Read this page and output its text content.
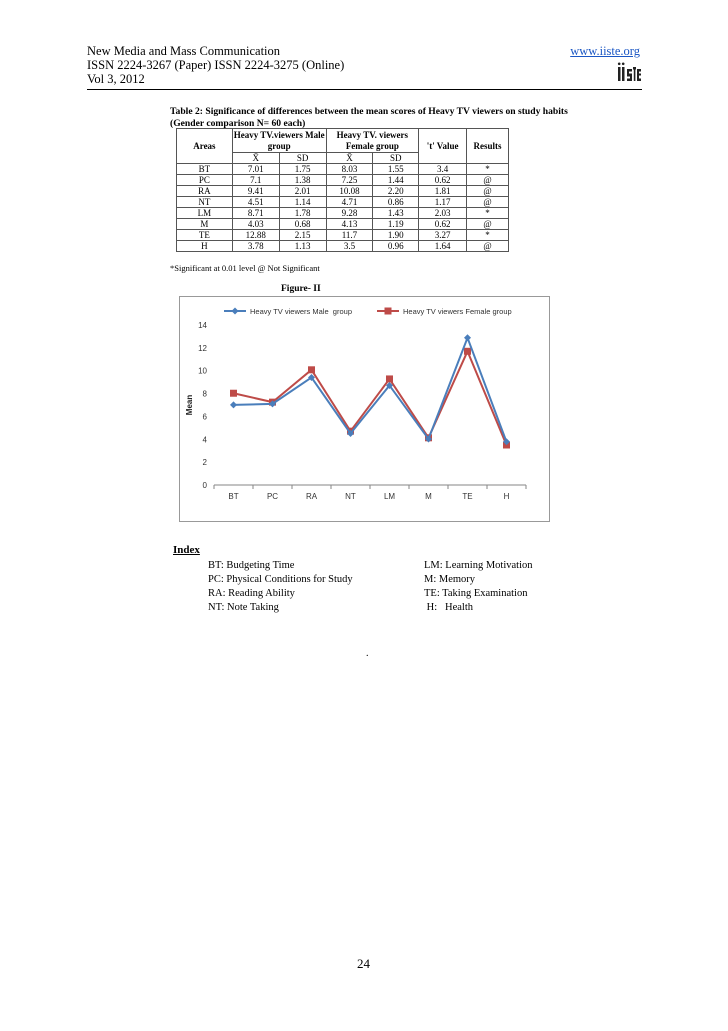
New Media and Mass Communication
ISSN 2224-3267 (Paper) ISSN 2224-3275 (Online)
Vol 3, 2012
www.iiste.org
Table 2: Significance of differences between the mean scores of Heavy TV viewers on study habits (Gender comparison N= 60 each)
Areas	Heavy TV.viewers Male group		Heavy TV. viewers Female group		't' Value	Results
	X̄	SD	X̄	SD		
BT	7.01	1.75	8.03	1.55	3.4	*
PC	7.1	1.38	7.25	1.44	0.62	@
RA	9.41	2.01	10.08	2.20	1.81	@
NT	4.51	1.14	4.71	0.86	1.17	@
LM	8.71	1.78	9.28	1.43	2.03	*
M	4.03	0.68	4.13	1.19	0.62	@
TE	12.88	2.15	11.7	1.90	3.27	*
H	3.78	1.13	3.5	0.96	1.64	@
*Significant at 0.01 level @ Not Significant
Figure- II
0
2
4
6
8
10
12
14
BT	PC	RA	NT	LM	M	TE	H
Mean
Heavy TV viewers Male  group	Heavy TV viewers Female group
Index
BT: Budgeting Time
PC: Physical Conditions for Study
RA: Reading Ability
NT: Note Taking
LM: Learning Motivation
M: Memory
TE: Taking Examination
H:   Health
.
24
